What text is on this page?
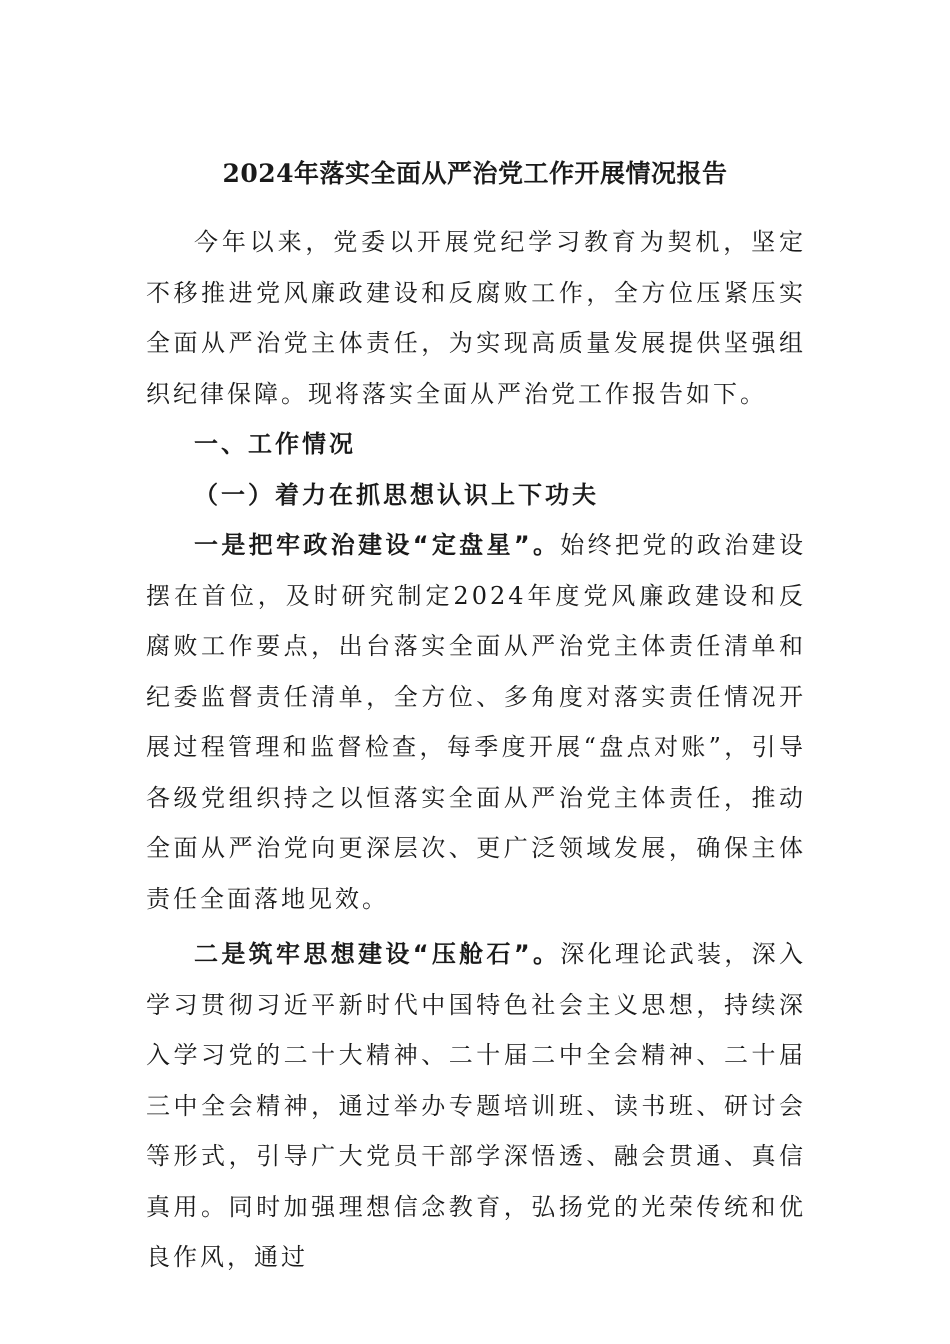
2024年落实全面从严治党工作开展情况报告

今年以来，党委以开展党纪学习教育为契机，坚定不移推进党风廉政建设和反腐败工作，全方位压紧压实全面从严治党主体责任，为实现高质量发展提供坚强组织纪律保障。现将落实全面从严治党工作报告如下。

一、工作情况

（一）着力在抓思想认识上下功夫

一是把牢政治建设“定盘星”。始终把党的政治建设摆在首位，及时研究制定2024年度党风廉政建设和反腐败工作要点，出台落实全面从严治党主体责任清单和纪委监督责任清单，全方位、多角度对落实责任情况开展过程管理和监督检查，每季度开展“盘点对账”，引导各级党组织持之以恒落实全面从严治党主体责任，推动全面从严治党向更深层次、更广泛领域发展，确保主体责任全面落地见效。

二是筑牢思想建设“压舱石”。深化理论武装，深入学习贯彻习近平新时代中国特色社会主义思想，持续深入学习党的二十大精神、二十届二中全会精神、二十届三中全会精神，通过举办专题培训班、读书班、研讨会等形式，引导广大党员干部学深悟透、融会贯通、真信真用。同时加强理想信念教育，弘扬党的光荣传统和优良作风，通过
